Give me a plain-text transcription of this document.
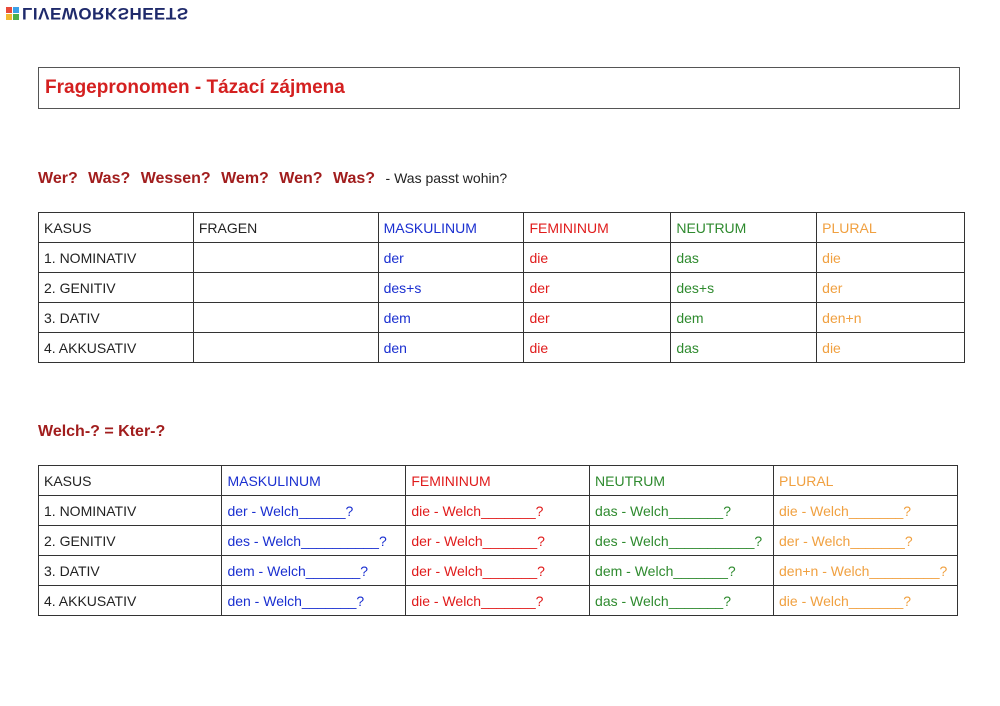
LIVEWORKSHEETS
Fragepronomen - Tázací zájmena
Wer? Was? Wessen? Wem? Wen? Was? - Was passt wohin?
KASUS	FRAGEN	MASKULINUM	FEMININUM	NEUTRUM	PLURAL
1. NOMINATIV		der	die	das	die
2. GENITIV		des+s	der	des+s	der
3. DATIV		dem	der	dem	den+n
4. AKKUSATIV		den	die	das	die
Welch-? = Kter-?
KASUS	MASKULINUM	FEMININUM	NEUTRUM	PLURAL
1. NOMINATIV	der - Welch______?	die - Welch_______?	das - Welch_______?	die - Welch_______?
2. GENITIV	des - Welch__________?	der - Welch_______?	des - Welch___________?	der - Welch_______?
3. DATIV	dem - Welch_______?	der - Welch_______?	dem - Welch_______?	den+n - Welch_________?
4. AKKUSATIV	den - Welch_______?	die - Welch_______?	das - Welch_______?	die - Welch_______?
